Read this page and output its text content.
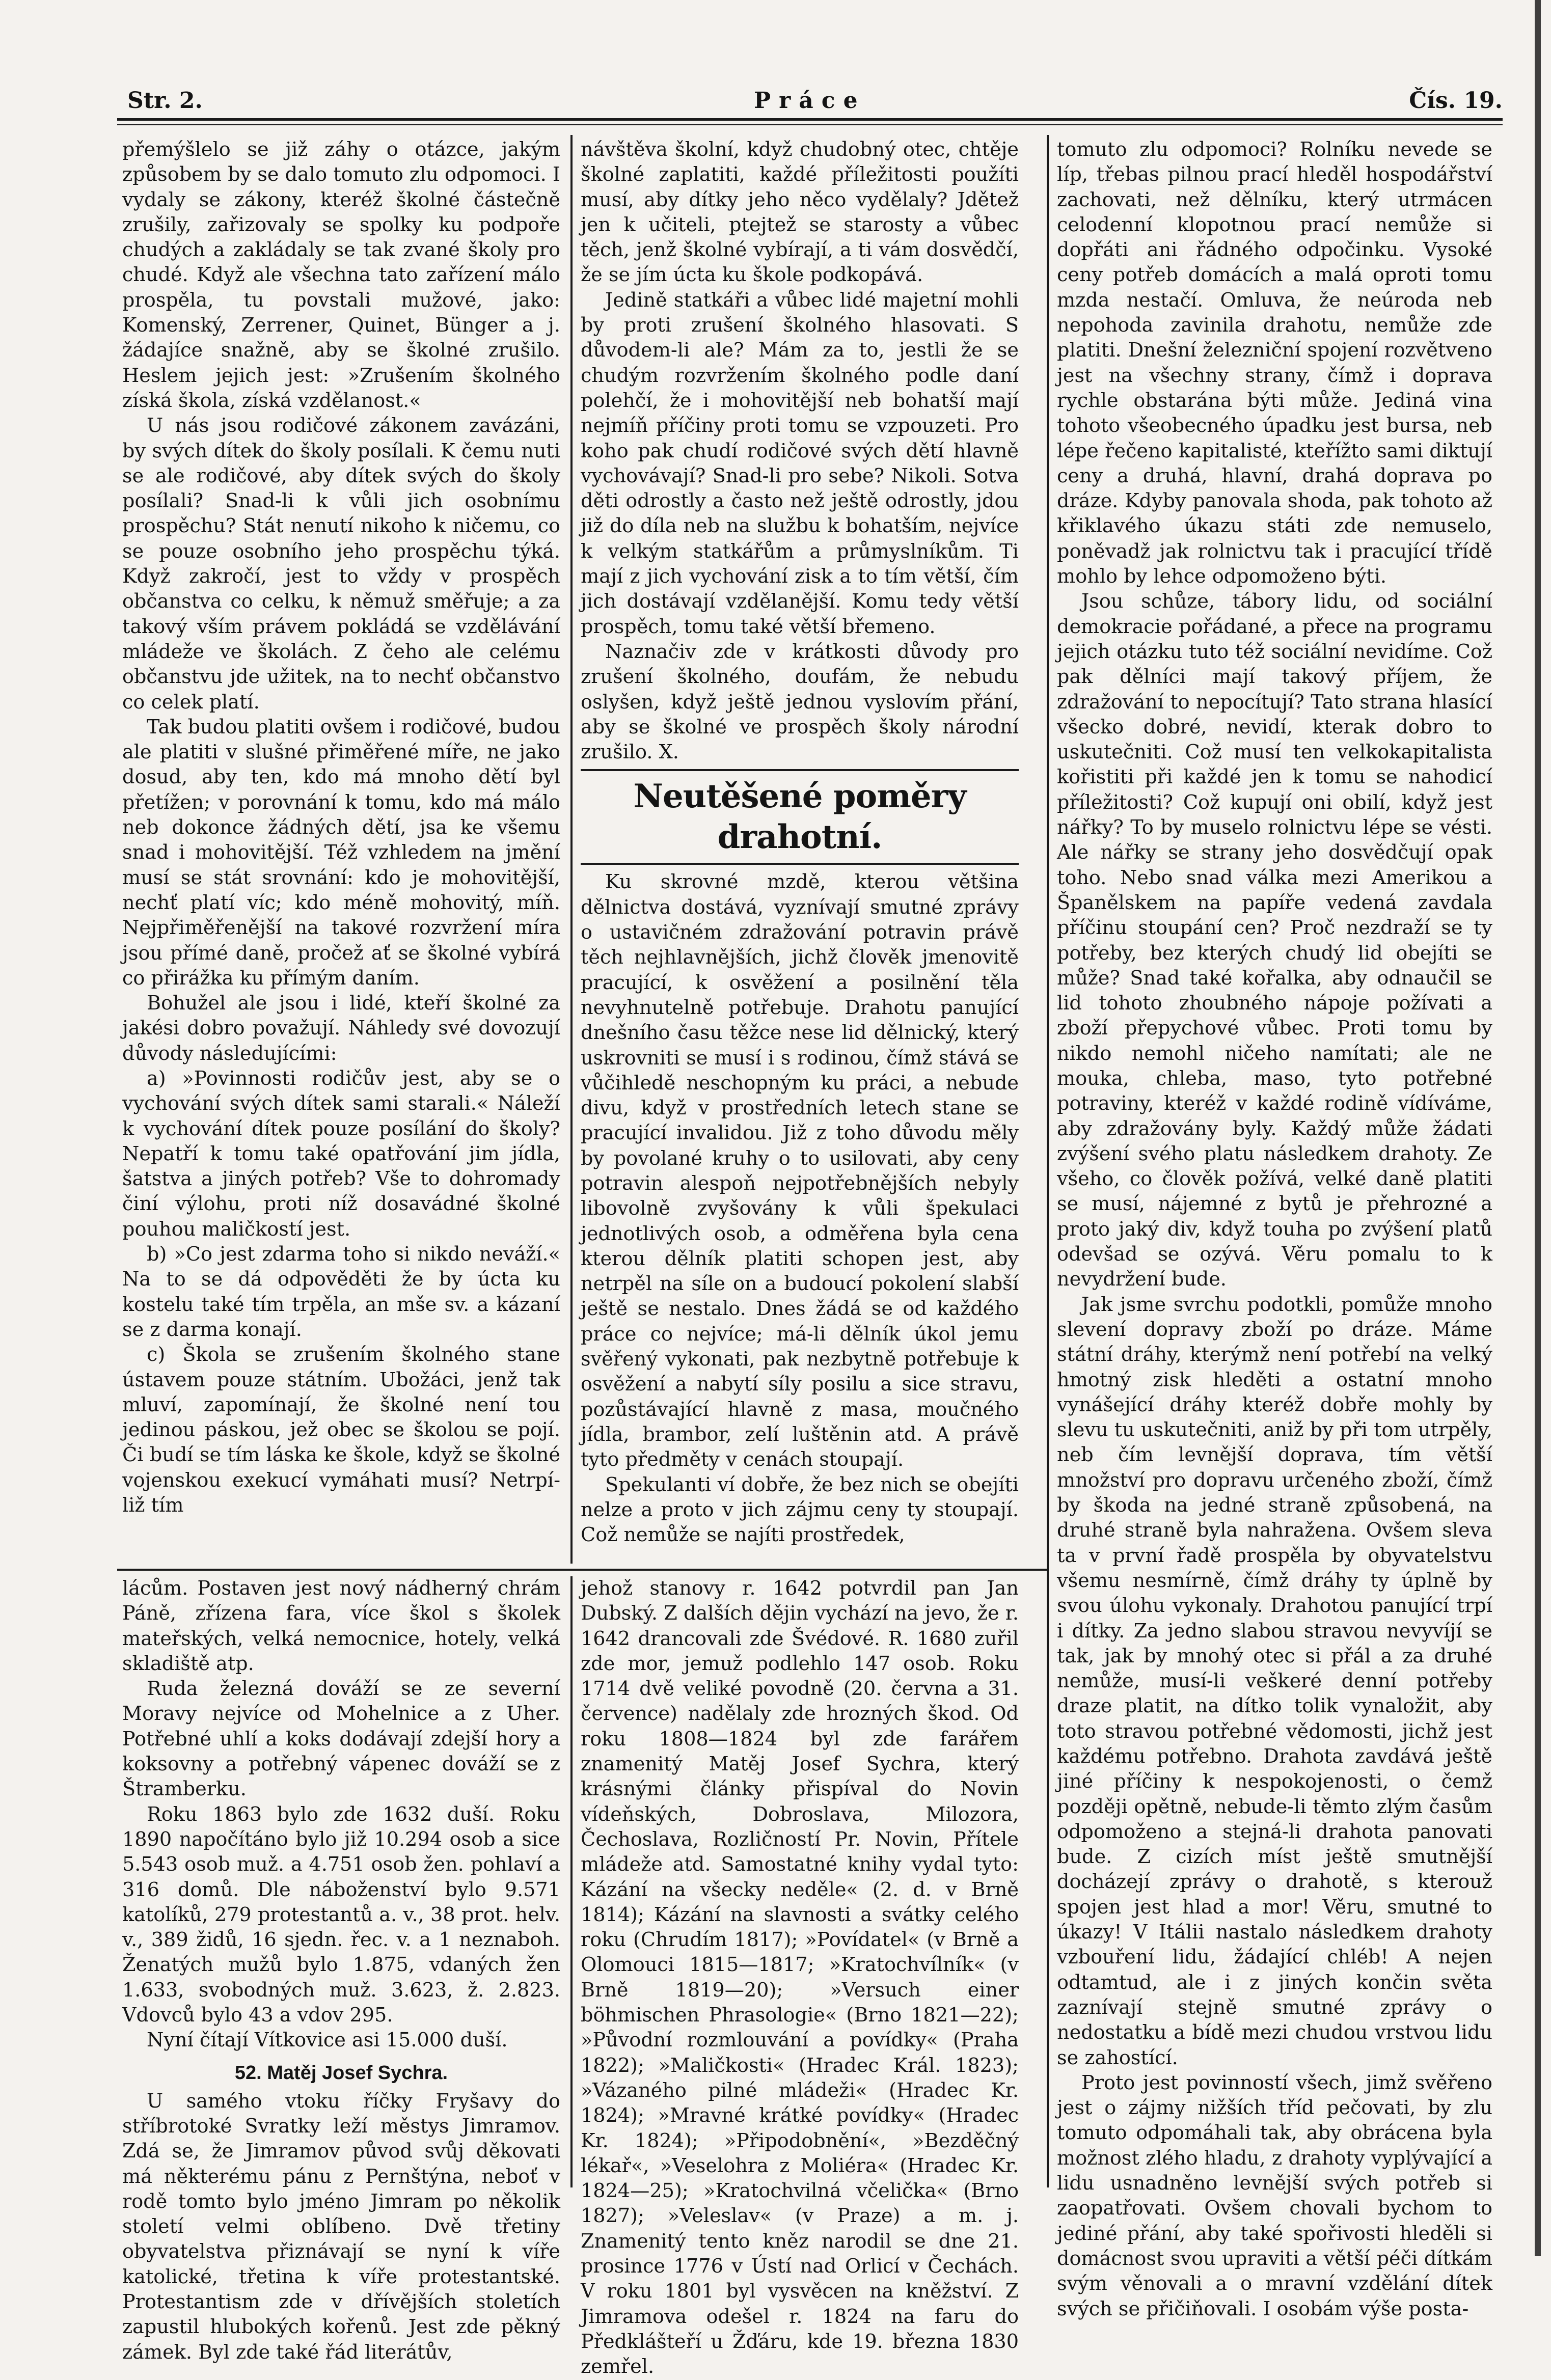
Str. 2.	Práce	Čís. 19.

přemýšlelo se již záhy o otázce, jakým způsobem by se dalo tomuto zlu odpomoci. I vydaly se zákony, kteréž školné částečně zrušily, zařizovaly se spolky ku podpoře chudých a zakládaly se tak zvané školy pro chudé. Když ale všechna tato zařízení málo prospěla, tu povstali mužové, jako: Komenský, Zerrener, Quinet, Bünger a j. žádajíce snažně, aby se školné zrušilo. Heslem jejich jest: »Zrušením školného získá škola, získá vzdělanost.«

U nás jsou rodičové zákonem zavázáni, by svých dítek do školy posílali. K čemu nuti se ale rodičové, aby dítek svých do školy posílali? Snad-li k vůli jich osobnímu prospěchu? Stát nenutí nikoho k ničemu, co se pouze osobního jeho prospěchu týká. Když zakročí, jest to vždy v prospěch občanstva co celku, k němuž směřuje; a za takový vším právem pokládá se vzdělávání mládeže ve školách. Z čeho ale celému občanstvu jde užitek, na to nechť občanstvo co celek platí.

Tak budou platiti ovšem i rodičové, budou ale platiti v slušné přiměřené míře, ne jako dosud, aby ten, kdo má mnoho dětí byl přetížen; v porovnání k tomu, kdo má málo neb dokonce žádných dětí, jsa ke všemu snad i mohovitější. Též vzhledem na jmění musí se stát srovnání: kdo je mohovitější, nechť platí víc; kdo méně mohovitý, míň. Nejpřiměřenější na takové rozvržení míra jsou přímé daně, pročež ať se školné vybírá co přirážka ku přímým daním.

Bohužel ale jsou i lidé, kteří školné za jakési dobro považují. Náhledy své dovozují důvody následujícími:

a) »Povinnosti rodičův jest, aby se o vychování svých dítek sami starali.« Náleží k vychování dítek pouze posílání do školy? Nepatří k tomu také opatřování jim jídla, šatstva a jiných potřeb? Vše to dohromady činí výlohu, proti níž dosavádné školné pouhou maličkostí jest.

b) »Co jest zdarma toho si nikdo neváží.« Na to se dá odpověděti že by úcta ku kostelu také tím trpěla, an mše sv. a kázaní se z darma konají.

c) Škola se zrušením školného stane ústavem pouze státním. Ubožáci, jenž tak mluví, zapomínají, že školné není tou jedinou páskou, jež obec se školou se pojí. Či budí se tím láska ke škole, když se školné vojenskou exekucí vymáhati musí? Netrpí-liž tím

návštěva školní, když chudobný otec, chtěje školné zaplatiti, každé příležitosti použíti musí, aby dítky jeho něco vydělaly? Jdětež jen k učiteli, ptejtež se starosty a vůbec těch, jenž školné vybírají, a ti vám dosvědčí, že se jím úcta ku škole podkopává.

Jedině statkáři a vůbec lidé majetní mohli by proti zrušení školného hlasovati. S důvodem-li ale? Mám za to, jestli že se chudým rozvržením školného podle daní polehčí, že i mohovitější neb bohatší mají nejmíň příčiny proti tomu se vzpouzeti. Pro koho pak chudí rodičové svých dětí hlavně vychovávají? Snad-li pro sebe? Nikoli. Sotva děti odrostly a často než ještě odrostly, jdou již do díla neb na službu k bohatším, nejvíce k velkým statkářům a průmyslníkům. Ti mají z jich vychování zisk a to tím větší, čím jich dostávají vzdělanější. Komu tedy větší prospěch, tomu také větší břemeno.

Naznačiv zde v krátkosti důvody pro zrušení školného, doufám, že nebudu oslyšen, když ještě jednou vyslovím přání, aby se školné ve prospěch školy národní zrušilo. X.

Neutěšené poměry drahotní.

Ku skrovné mzdě, kterou většina dělnictva dostává, vyznívají smutné zprávy o ustavičném zdražování potravin právě těch nejhlavnějších, jichž člověk jmenovitě pracující, k osvěžení a posilnění těla nevyhnutelně potřebuje. Drahotu panující dnešního času těžce nese lid dělnický, který uskrovniti se musí i s rodinou, čímž stává se vůčihledě neschopným ku práci, a nebude divu, když v prostředních letech stane se pracující invalidou. Již z toho důvodu měly by povolané kruhy o to usilovati, aby ceny potravin alespoň nejpotřebnějších nebyly libovolně zvyšovány k vůli špekulaci jednotlivých osob, a odměřena byla cena kterou dělník platiti schopen jest, aby netrpěl na síle on a budoucí pokolení slabší ještě se nestalo. Dnes žádá se od každého práce co nejvíce; má-li dělník úkol jemu svěřený vykonati, pak nezbytně potřebuje k osvěžení a nabytí síly posilu a sice stravu, pozůstávající hlavně z masa, moučného jídla, brambor, zelí luštěnin atd. A právě tyto předměty v cenách stoupají.

Spekulanti ví dobře, že bez nich se obejíti nelze a proto v jich zájmu ceny ty stoupají. Což nemůže se najíti prostředek,

tomuto zlu odpomoci? Rolníku nevede se líp, třebas pilnou prací hleděl hospodářství zachovati, než dělníku, který utrmácen celodenní klopotnou prací nemůže si dopřáti ani řádného odpočinku. Vysoké ceny potřeb domácích a malá oproti tomu mzda nestačí. Omluva, že neúroda neb nepohoda zavinila drahotu, nemůže zde platiti. Dnešní železniční spojení rozvětveno jest na všechny strany, čímž i doprava rychle obstarána býti může. Jediná vina tohoto všeobecného úpadku jest bursa, neb lépe řečeno kapitalisté, kteřížto sami diktují ceny a druhá, hlavní, drahá doprava po dráze. Kdyby panovala shoda, pak tohoto až křiklavého úkazu státi zde nemuselo, poněvadž jak rolnictvu tak i pracující třídě mohlo by lehce odpomoženo býti.

Jsou schůze, tábory lidu, od sociální demokracie pořádané, a přece na programu jejich otázku tuto též sociální nevidíme. Což pak dělníci mají takový příjem, že zdražování to nepocítují? Tato strana hlasící všecko dobré, nevidí, kterak dobro to uskutečniti. Což musí ten velkokapitalista kořistiti při každé jen k tomu se nahodicí příležitosti? Což kupují oni obilí, když jest nářky? To by muselo rolnictvu lépe se vésti. Ale nářky se strany jeho dosvědčují opak toho. Nebo snad válka mezi Amerikou a Španělskem na papíře vedená zavdala příčinu stoupání cen? Proč nezdraží se ty potřeby, bez kterých chudý lid obejíti se může? Snad také kořalka, aby odnaučil se lid tohoto zhoubného nápoje požívati a zboží přepychové vůbec. Proti tomu by nikdo nemohl ničeho namítati; ale ne mouka, chleba, maso, tyto potřebné potraviny, kteréž v každé rodině vídíváme, aby zdražovány byly. Každý může žádati zvýšení svého platu následkem drahoty. Ze všeho, co člověk požívá, velké daně platiti se musí, nájemné z bytů je přehrozné a proto jaký div, když touha po zvýšení platů odevšad se ozývá. Věru pomalu to k nevydržení bude.

Jak jsme svrchu podotkli, pomůže mnoho slevení dopravy zboží po dráze. Máme státní dráhy, kterýmž není potřebí na velký hmotný zisk hleděti a ostatní mnoho vynášející dráhy kteréž dobře mohly by slevu tu uskutečniti, aniž by při tom utrpěly, neb čím levnější doprava, tím větší množství pro dopravu určeného zboží, čímž by škoda na jedné straně způsobená, na druhé straně byla nahražena. Ovšem sleva ta v první řadě prospěla by obyvatelstvu všemu nesmírně, čímž dráhy ty úplně by svou úlohu vykonaly. Drahotou panující trpí i dítky. Za jedno slabou stravou nevyvíjí se tak, jak by mnohý otec si přál a za druhé nemůže, musí-li veškeré denní potřeby draze platit, na dítko tolik vynaložit, aby toto stravou potřebné vědomosti, jichž jest každému potřebno. Drahota zavdává ještě jiné příčiny k nespokojenosti, o čemž později opětně, nebude-li těmto zlým časům odpomoženo a stejná-li drahota panovati bude. Z cizích míst ještě smutnější docházejí zprávy o drahotě, s kterouž spojen jest hlad a mor! Věru, smutné to úkazy! V Itálii nastalo následkem drahoty vzbouření lidu, žádající chléb! A nejen odtamtud, ale i z jiných končin světa zaznívají stejně smutné zprávy o nedostatku a bídě mezi chudou vrstvou lidu se zahostící.

Proto jest povinností všech, jimž svěřeno jest o zájmy nižších tříd pečovati, by zlu tomuto odpomáhali tak, aby obrácena byla možnost zlého hladu, z drahoty vyplývající a lidu usnadněno levnější svých potřeb si zaopatřovati. Ovšem chovali bychom to jediné přání, aby také spořivosti hleděli si domácnost svou upraviti a větší péči dítkám svým věnovali a o mravní vzdělání dítek svých se přičiňovali. I osobám výše posta-

lácům. Postaven jest nový nádherný chrám Páně, zřízena fara, více škol s školek mateřských, velká nemocnice, hotely, velká skladiště atp.

Ruda železná dováží se ze severní Moravy nejvíce od Mohelnice a z Uher. Potřebné uhlí a koks dodávají zdejší hory a koksovny a potřebný vápenec dováží se z Štramberku.

Roku 1863 bylo zde 1632 duší. Roku 1890 napočítáno bylo již 10.294 osob a sice 5.543 osob muž. a 4.751 osob žen. pohlaví a 316 domů. Dle náboženství bylo 9.571 katolíků, 279 protestantů a. v., 38 prot. helv. v., 389 židů, 16 sjedn. řec. v. a 1 neznaboh. Ženatých mužů bylo 1.875, vdaných žen 1.633, svobodných muž. 3.623, ž. 2.823. Vdovců bylo 43 a vdov 295.

Nyní čítají Vítkovice asi 15.000 duší.

52. Matěj Josef Sychra.

U samého vtoku říčky Fryšavy do stříbrotoké Svratky leží městys Jimramov. Zdá se, že Jimramov původ svůj děkovati má některému pánu z Pernštýna, neboť v rodě tomto bylo jméno Jimram po několik století velmi oblíbeno. Dvě třetiny obyvatelstva přiznávají se nyní k víře katolické, třetina k víře protestantské. Protestantism zde v dřívějších stoletích zapustil hlubokých kořenů. Jest zde pěkný zámek. Byl zde také řád literátův,

jehož stanovy r. 1642 potvrdil pan Jan Dubský. Z dalších dějin vychází na jevo, že r. 1642 drancovali zde Švédové. R. 1680 zuřil zde mor, jemuž podlehlo 147 osob. Roku 1714 dvě veliké povodně (20. června a 31. července) nadělaly zde hrozných škod. Od roku 1808—1824 byl zde farářem znamenitý Matěj Josef Sychra, který krásnými články přispíval do Novin vídeňských, Dobroslava, Milozora, Čechoslava, Rozličností Pr. Novin, Přítele mládeže atd. Samostatné knihy vydal tyto: Kázání na všecky neděle« (2. d. v Brně 1814); Kázání na slavnosti a svátky celého roku (Chrudím 1817); »Povídatel« (v Brně a Olomouci 1815—1817; »Kratochvílník« (v Brně 1819—20); »Versuch einer böhmischen Phrasologie« (Brno 1821—22); »Původní rozmlouvání a povídky« (Praha 1822); »Maličkosti« (Hradec Král. 1823); »Vázaného pilné mládeži« (Hradec Kr. 1824); »Mravné krátké povídky« (Hradec Kr. 1824); »Připodobnění«, »Bezděčný lékař«, »Veselohra z Moliéra« (Hradec Kr. 1824—25); »Kratochvilná včelička« (Brno 1827); »Veleslav« (v Praze) a m. j. Znamenitý tento kněz narodil se dne 21. prosince 1776 v Ústí nad Orlicí v Čechách. V roku 1801 byl vysvěcen na kněžství. Z Jimramova odešel r. 1824 na faru do Předklášteří u Žďáru, kde 19. března 1830 zemřel.
